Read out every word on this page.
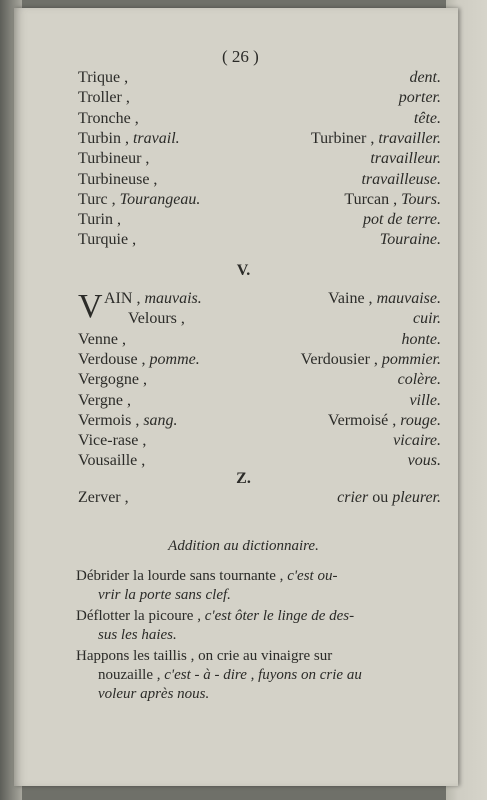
( 26 )
Trique ,	dent.
Troller ,	porter.
Tronche ,	tête.
Turbin , travail.	Turbiner , travailler.
Turbineur ,	travailleur.
Turbineuse ,	travailleuse.
Turc , Tourangeau.	Turcan , Tours.
Turin ,	pot de terre.
Turquie ,	Touraine.
V.
V AIN , mauvais.	Vaine , mauvaise.
Velours ,	cuir.
Venne ,	honte.
Verdouse , pomme.	Verdousier , pommier.
Vergogne ,	colère.
Vergne ,	ville.
Vermois , sang.	Vermoisé , rouge.
Vice-rase ,	vicaire.
Vousaille ,	vous.
Z.
Zerver ,	crier ou pleurer.
Addition au dictionnaire.
Débrider la lourde sans tournante , c'est ou-
vrir la porte sans clef.
Déflotter la picoure , c'est ôter le linge de des-
sus les haies.
Happons les taillis , on crie au vinaigre sur
nouzaille , c'est - à - dire , fuyons on crie au
voleur après nous.
